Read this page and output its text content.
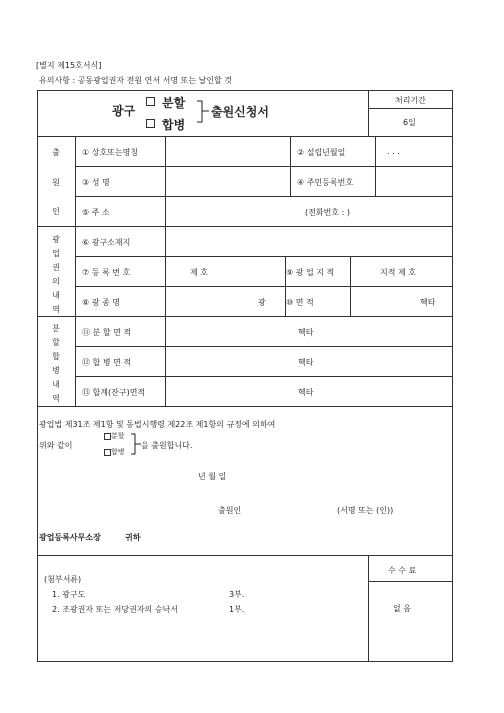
[별지 제15호서식]
유의사항 : 공동광업권자 전원 연서 서명 또는 날인할 것
처리기간
6일
광구
분할
합병
출원신청서
출
원
인
광
업
권
의
내
역
분
할
합
병
내
역
① 상호또는명칭	② 설립년월일	. . .
③ 성 명	④ 주민등록번호
⑤ 주 소	(전화번호 : )
⑥ 광구소재지
⑦ 등 록 번 호	제 호	⑨ 광 업 지 적	지적 제 호
⑧ 광 종 명	광	⑩ 면 적	헥타
⑪ 분 할 면 적	헥타
⑫ 합 병 면 적	헥타
⑬ 합계(잔구)면적	헥타
광업법 제31조 제1항 및 동법시행령 제22조 제1항의 규정에 의하여
위와 같이
분할
합병
을 출원합니다.
년 월 일
출원인	(서명 또는 (인))
광업등록사무소장	귀하
(첨부서류)
1. 광구도	3부.
2. 조광권자 또는 저당권자의 승낙서	1부.
수 수 료
없 음
